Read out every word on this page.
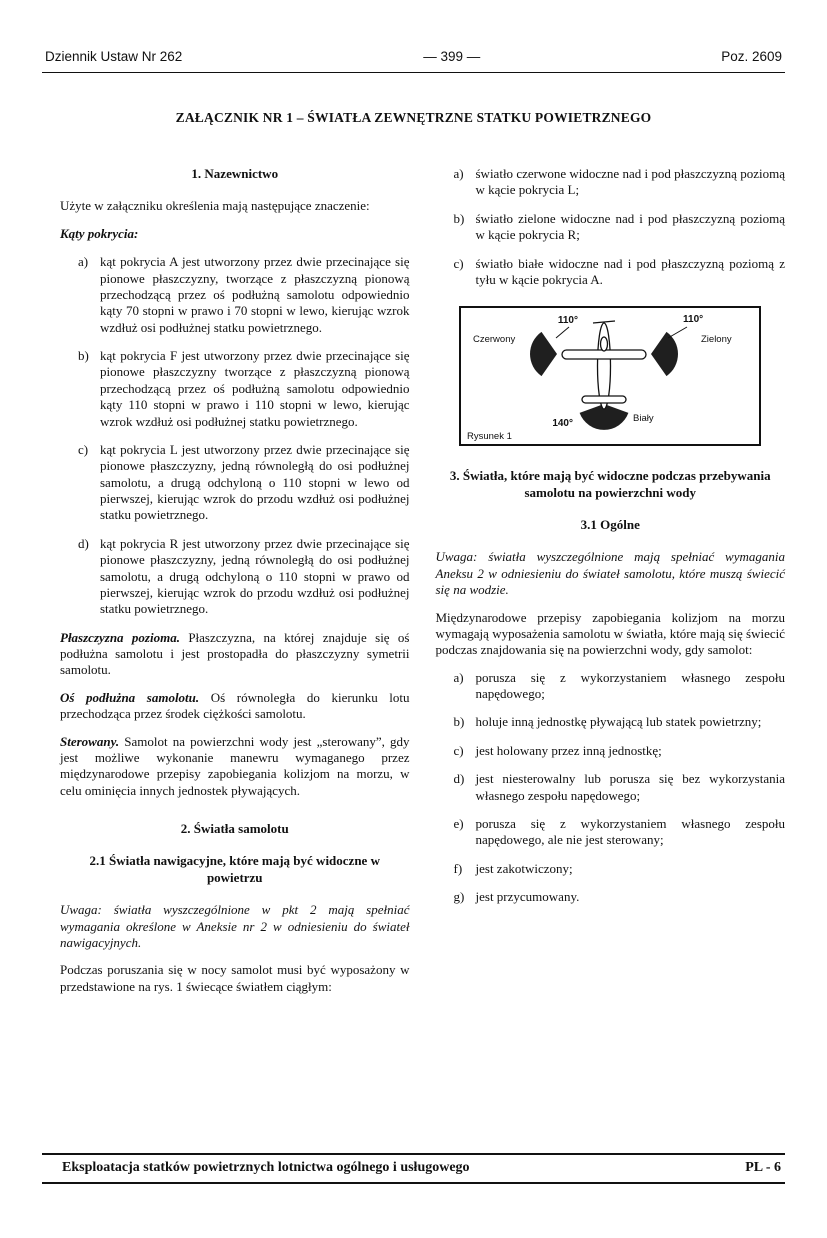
Dziennik Ustaw Nr 262	— 399 —	Poz. 2609
ZAŁĄCZNIK NR 1 – ŚWIATŁA ZEWNĘTRZNE STATKU POWIETRZNEGO
1. Nazewnictwo

Użyte w załączniku określenia mają następujące znaczenie:

Kąty pokrycia:

a) kąt pokrycia A jest utworzony przez dwie przecinające się pionowe płaszczyzny, tworzące z płaszczyzną pionową przechodzącą przez oś podłużną samolotu odpowiednio kąty 70 stopni w prawo i 70 stopni w lewo, kierując wzrok wzdłuż osi podłużnej statku powietrznego.
b) kąt pokrycia F jest utworzony przez dwie przecinające się pionowe płaszczyzny tworzące z płaszczyzną pionową przechodzącą przez oś podłużną samolotu odpowiednio kąty 110 stopni w prawo i 110 stopni w lewo, kierując wzrok wzdłuż osi podłużnej statku powietrznego.
c) kąt pokrycia L jest utworzony przez dwie przecinające się pionowe płaszczyzny, jedną równoległą do osi podłużnej samolotu, a drugą odchyloną o 110 stopni w lewo od pierwszej, kierując wzrok do przodu wzdłuż osi podłużnej statku powietrznego.
d) kąt pokrycia R jest utworzony przez dwie przecinające się pionowe płaszczyzny, jedną równoległą do osi podłużnej samolotu, a drugą odchyloną o 110 stopni w prawo od pierwszej, kierując wzrok do przodu wzdłuż osi podłużnej statku powietrznego.

Płaszczyzna pozioma. Płaszczyzna, na której znajduje się oś podłużna samolotu i jest prostopadła do płaszczyzny symetrii samolotu.

Oś podłużna samolotu. Oś równoległa do kierunku lotu przechodząca przez środek ciężkości samolotu.

Sterowany. Samolot na powierzchni wody jest „sterowany”, gdy jest możliwe wykonanie manewru wymaganego przez międzynarodowe przepisy zapobiegania kolizjom na morzu, w celu ominięcia innych jednostek pływających.

2. Światła samolotu
2.1 Światła nawigacyjne, które mają być widoczne w powietrzu

Uwaga: światła wyszczególnione w pkt 2 mają spełniać wymagania określone w Aneksie nr 2 w odniesieniu do świateł nawigacyjnych.

Podczas poruszania się w nocy samolot musi być wyposażony w przedstawione na rys. 1 świecące światłem ciągłym:

a) światło czerwone widoczne nad i pod płaszczyzną poziomą w kącie pokrycia L;
b) światło zielone widoczne nad i pod płaszczyzną poziomą w kącie pokrycia R;
c) światło białe widoczne nad i pod płaszczyzną poziomą z tyłu w kącie pokrycia A.
110°	110°
Czerwony	Zielony
140°	Biały
Rysunek 1
3. Światła, które mają być widoczne podczas przebywania samolotu na powierzchni wody
3.1 Ogólne

Uwaga: światła wyszczególnione mają spełniać wymagania Aneksu 2 w odniesieniu do świateł samolotu, które muszą świecić się na wodzie.

Międzynarodowe przepisy zapobiegania kolizjom na morzu wymagają wyposażenia samolotu w światła, które mają się świecić podczas znajdowania się na powierzchni wody, gdy samolot:

a) porusza się z wykorzystaniem własnego zespołu napędowego;
b) holuje inną jednostkę pływającą lub statek powietrzny;
c) jest holowany przez inną jednostkę;
d) jest niesterowalny lub porusza się bez wykorzystania własnego zespołu napędowego;
e) porusza się z wykorzystaniem własnego zespołu napędowego, ale nie jest sterowany;
f)	jest zakotwiczony;
g) jest przycumowany.
Eksploatacja statków powietrznych lotnictwa ogólnego i usługowego	PL - 6
